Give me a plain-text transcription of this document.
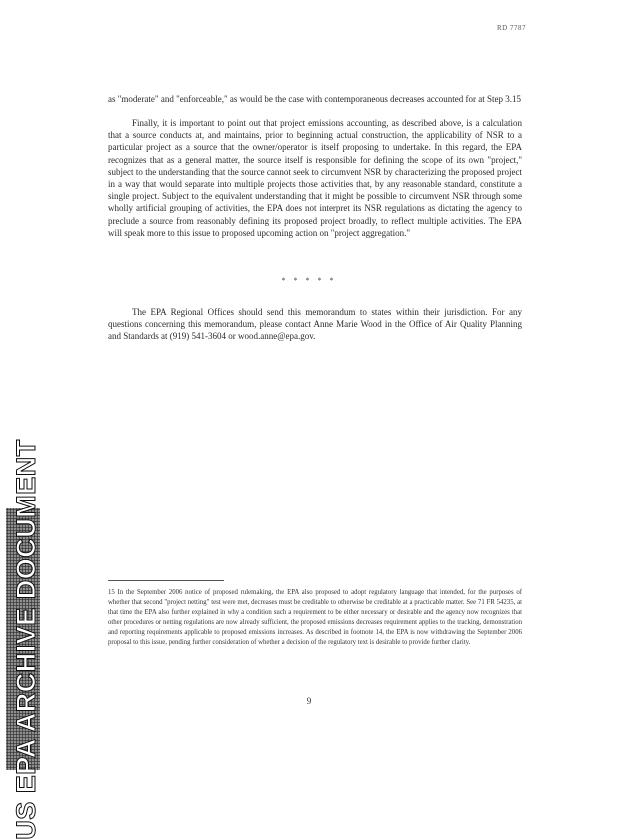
RD 7787
US EPA ARCHIVE DOCUMENT

as "moderate" and "enforceable," as would be the case with contemporaneous decreases accounted for at Step 3.15

Finally, it is important to point out that project emissions accounting, as described above, is a calculation that a source conducts at, and maintains, prior to beginning actual construction, the applicability of NSR to a particular project as a source that the owner/operator is itself proposing to undertake. In this regard, the EPA recognizes that as a general matter, the source itself is responsible for defining the scope of its own "project," subject to the understanding that the source cannot seek to circumvent NSR by characterizing the proposed project in a way that would separate into multiple projects those activities that, by any reasonable standard, constitute a single project. Subject to the equivalent understanding that it might be possible to circumvent NSR through some wholly artificial grouping of activities, the EPA does not interpret its NSR regulations as dictating the agency to preclude a source from reasonably defining its proposed project broadly, to reflect multiple activities. The EPA will speak more to this issue to proposed upcoming action on "project aggregation."

* * * * *

The EPA Regional Offices should send this memorandum to states within their jurisdiction. For any questions concerning this memorandum, please contact Anne Marie Wood in the Office of Air Quality Planning and Standards at (919) 541-3604 or wood.anne@epa.gov.

15 In the September 2006 notice of proposed rulemaking, the EPA also proposed to adopt regulatory language that intended, for the purposes of whether that second "project netting" test were met, decreases must be creditable to otherwise be creditable at a practicable matter. See 71 FR 54235, at that time the EPA also further explained in why a condition such a requirement to be either necessary or desirable and the agency now recognizes that other procedures or netting regulations are now already sufficient, the proposed emissions decreases requirement applies to the tracking, demonstration and reporting requirements applicable to proposed emissions increases. As described in footnote 14, the EPA is now withdrawing the September 2006 proposal to this issue, pending further consideration of whether a decision of the regulatory text is desirable to provide further clarity.

9
